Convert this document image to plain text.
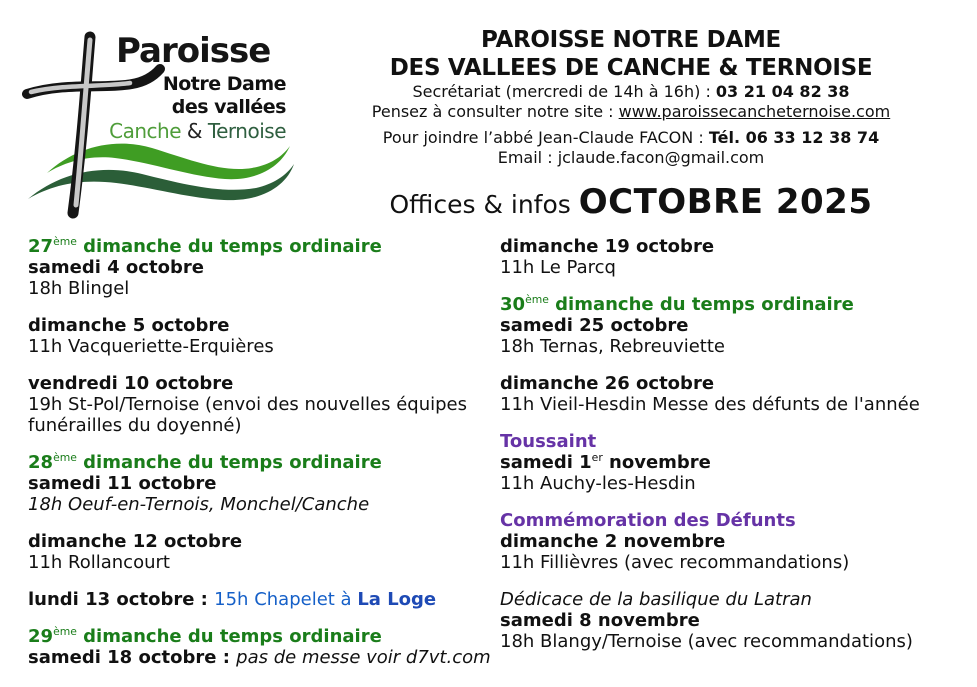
Paroisse
Notre Dame
des vallées
Canche & Ternoise
PAROISSE NOTRE DAME
DES VALLEES DE CANCHE & TERNOISE
Secrétariat (mercredi de 14h à 16h) : 03 21 04 82 38
Pensez à consulter notre site : www.paroissecancheternoise.com
Pour joindre l’abbé Jean-Claude FACON : Tél. 06 33 12 38 74
Email : jclaude.facon@gmail.com
Offices & infos OCTOBRE 2025
27ème dimanche du temps ordinaire
samedi 4 octobre
18h Blingel
dimanche 5 octobre
11h Vacqueriette-Erquières
vendredi 10 octobre
19h St-Pol/Ternoise (envoi des nouvelles équipes funérailles du doyenné)
28ème dimanche du temps ordinaire
samedi 11 octobre
18h Oeuf-en-Ternois, Monchel/Canche
dimanche 12 octobre
11h Rollancourt
lundi 13 octobre : 15h Chapelet à La Loge
29ème dimanche du temps ordinaire
samedi 18 octobre : pas de messe voir d7vt.com
dimanche 19 octobre
11h Le Parcq
30ème dimanche du temps ordinaire
samedi 25 octobre
18h Ternas, Rebreuviette
dimanche 26 octobre
11h Vieil-Hesdin Messe des défunts de l'année
Toussaint
samedi 1er novembre
11h Auchy-les-Hesdin
Commémoration des Défunts
dimanche 2 novembre
11h Fillièvres (avec recommandations)
Dédicace de la basilique du Latran
samedi 8 novembre
18h Blangy/Ternoise (avec recommandations)
